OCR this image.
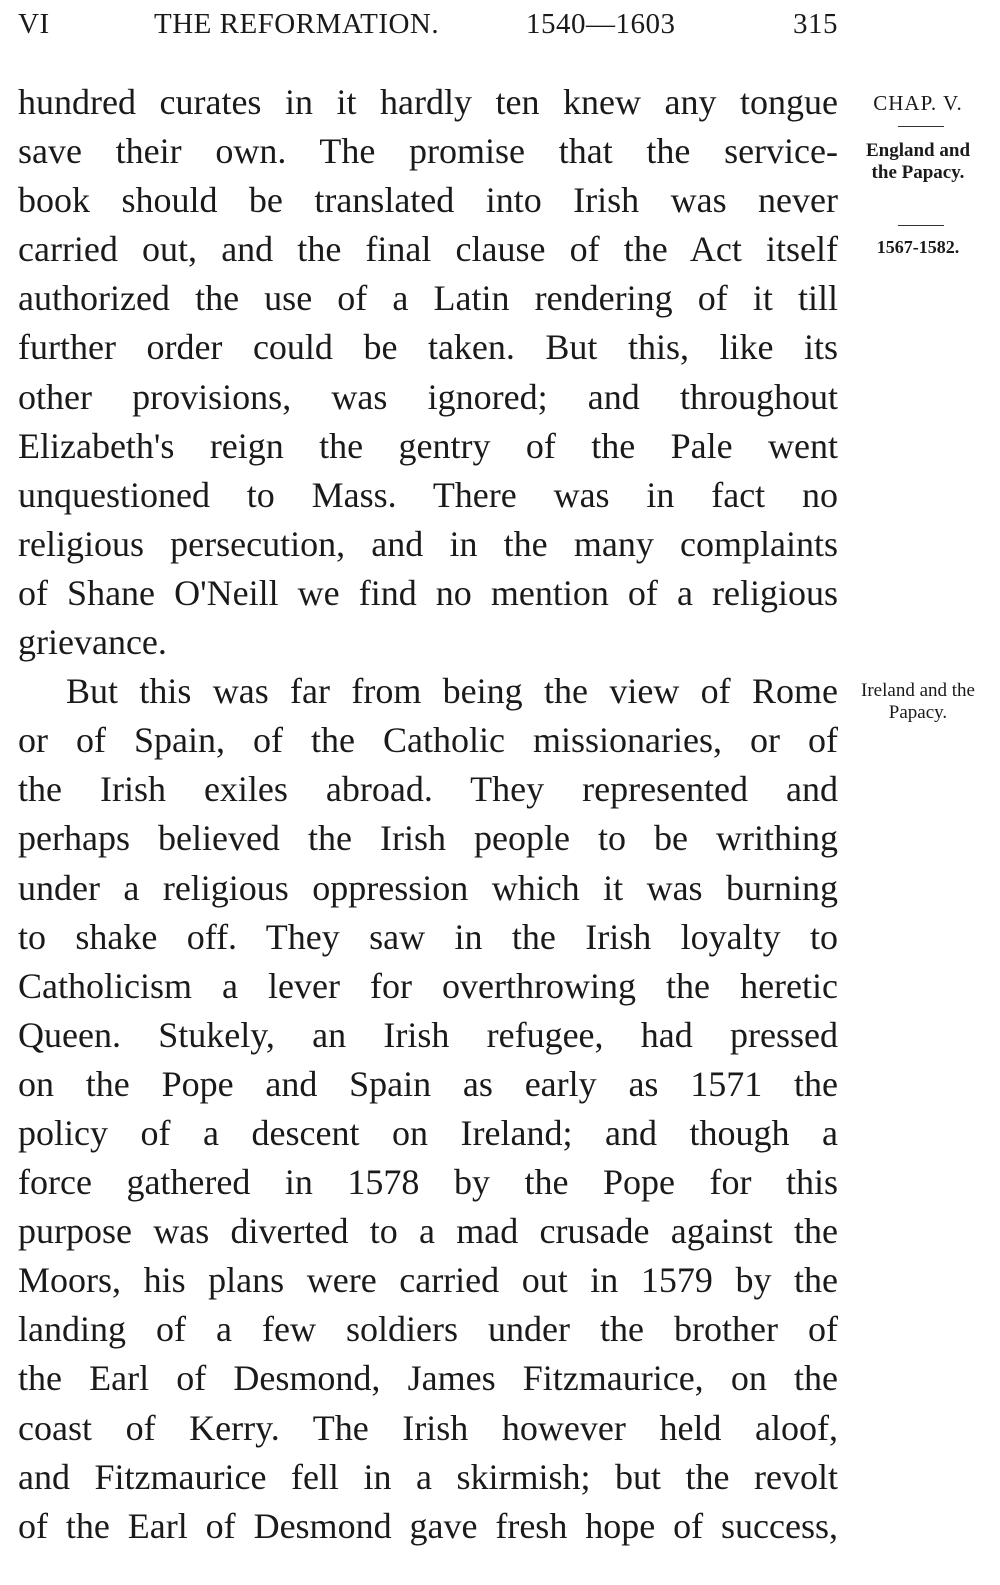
VI	THE REFORMATION.	1540—1603	315
hundred curates in it hardly ten knew any tongue
save their own. The promise that the service-
book should be translated into Irish was never
carried out, and the final clause of the Act itself
authorized the use of a Latin rendering of it till
further order could be taken. But this, like its
other provisions, was ignored; and throughout
Elizabeth's reign the gentry of the Pale went
unquestioned to Mass. There was in fact no
religious persecution, and in the many complaints
of Shane O'Neill we find no mention of a religious
grievance.
But this was far from being the view of Rome
or of Spain, of the Catholic missionaries, or of
the Irish exiles abroad. They represented and
perhaps believed the Irish people to be writhing
under a religious oppression which it was burning
to shake off. They saw in the Irish loyalty to
Catholicism a lever for overthrowing the heretic
Queen. Stukely, an Irish refugee, had pressed
on the Pope and Spain as early as 1571 the
policy of a descent on Ireland; and though a
force gathered in 1578 by the Pope for this
purpose was diverted to a mad crusade against the
Moors, his plans were carried out in 1579 by the
landing of a few soldiers under the brother of
the Earl of Desmond, James Fitzmaurice, on the
coast of Kerry. The Irish however held aloof,
and Fitzmaurice fell in a skirmish; but the revolt
of the Earl of Desmond gave fresh hope of success,
CHAP. V.
England and the Papacy.
1567-1582.
Ireland and the Papacy.
